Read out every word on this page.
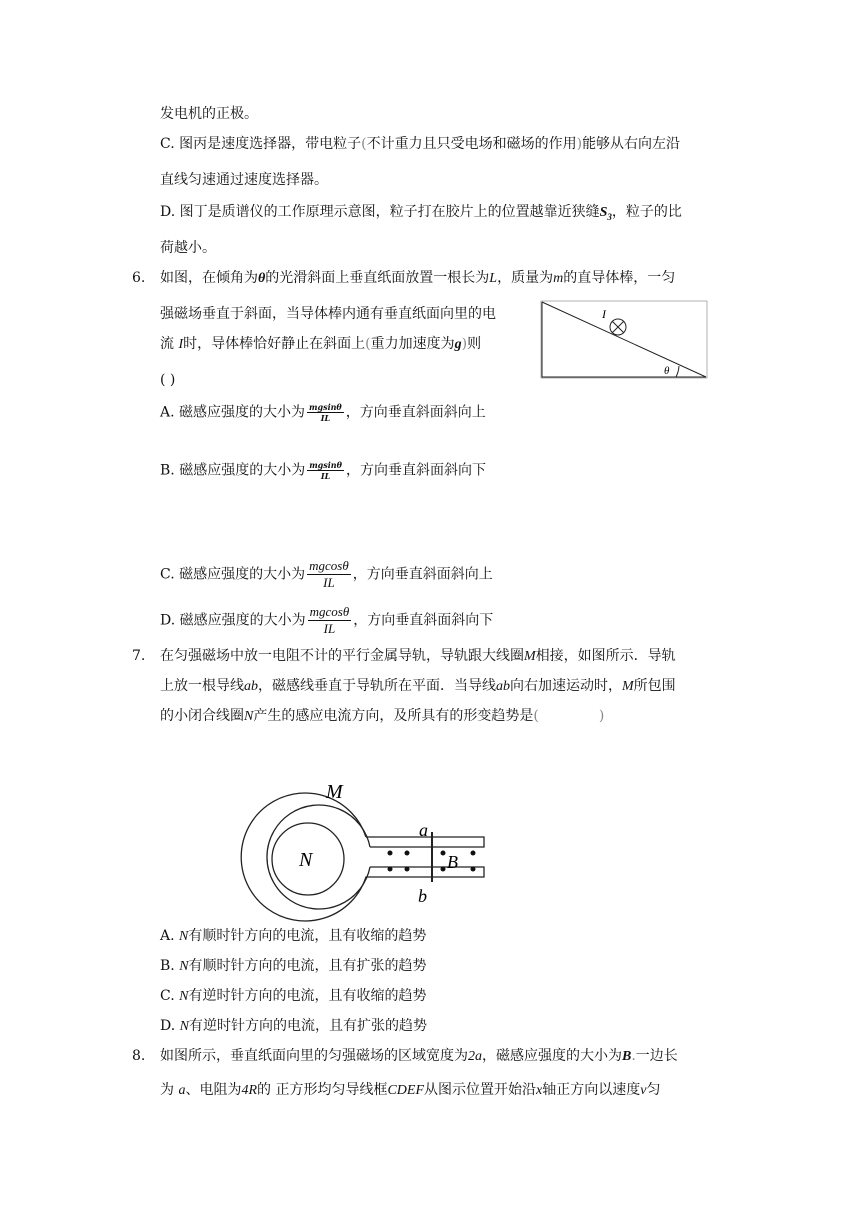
发电机的正极。
C. 图丙是速度选择器，带电粒子(不计重力且只受电场和磁场的作用)能够从右向左沿
直线匀速通过速度选择器。
D. 图丁是质谱仪的工作原理示意图，粒子打在胶片上的位置越靠近狭缝$S_3$，粒子的比
荷越小。
6. 如图，在倾角为θ的光滑斜面上垂直纸面放置一根长为L，质量为m的直导体棒，一匀
强磁场垂直于斜面，当导体棒内通有垂直纸面向里的电
流 I时，导体棒恰好静止在斜面上(重力加速度为g)则
( )
I
θ
A. 磁感应强度的大小为 $\frac{mgsin\theta}{IL}$ ，方向垂直斜面斜向上
B. 磁感应强度的大小为 $\frac{mgsin\theta}{IL}$ ，方向垂直斜面斜向下
C. 磁感应强度的大小为 $\frac{mgcos\theta}{IL}$ ，方向垂直斜面斜向上
D. 磁感应强度的大小为 $\frac{mgcos\theta}{IL}$ ，方向垂直斜面斜向下
7. 在匀强磁场中放一电阻不计的平行金属导轨，导轨跟大线圈M相接，如图所示．导轨
上放一根导线ab，磁感线垂直于导轨所在平面．当导线ab向右加速运动时，M所包围
的小闭合线圈N产生的感应电流方向，及所具有的形变趋势是(	)
N
M
a
b
B
A. N有顺时针方向的电流，且有收缩的趋势
B. N有顺时针方向的电流，且有扩张的趋势
C. N有逆时针方向的电流，且有收缩的趋势
D. N有逆时针方向的电流，且有扩张的趋势
8. 如图所示，垂直纸面向里的匀强磁场的区域宽度为2a，磁感应强度的大小为B.一边长
为 a、电阻为4R的 正方形均匀导线框CDEF从图示位置开始沿x轴正方向以速度v匀
